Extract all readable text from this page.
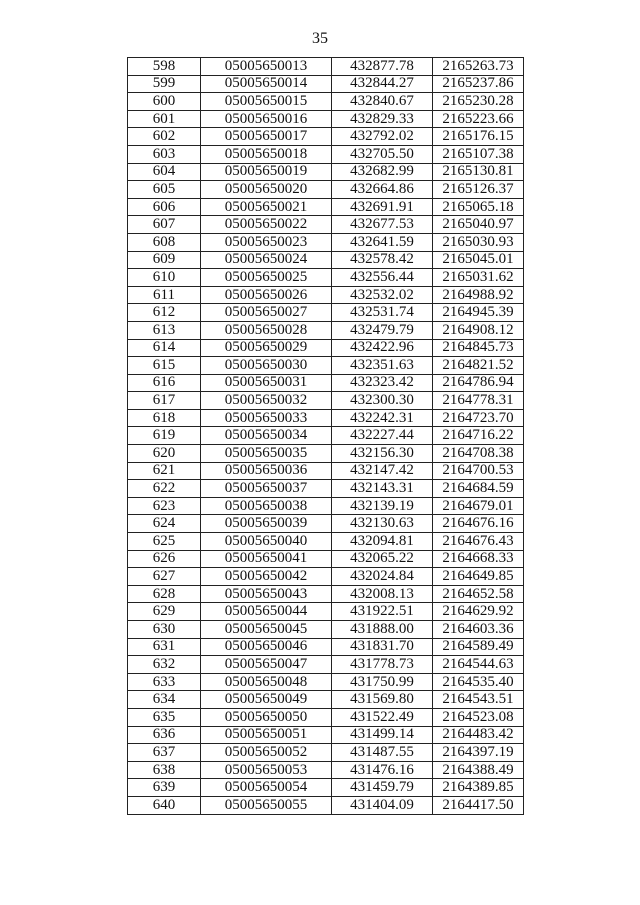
35
598	05005650013	432877.78	2165263.73
599	05005650014	432844.27	2165237.86
600	05005650015	432840.67	2165230.28
601	05005650016	432829.33	2165223.66
602	05005650017	432792.02	2165176.15
603	05005650018	432705.50	2165107.38
604	05005650019	432682.99	2165130.81
605	05005650020	432664.86	2165126.37
606	05005650021	432691.91	2165065.18
607	05005650022	432677.53	2165040.97
608	05005650023	432641.59	2165030.93
609	05005650024	432578.42	2165045.01
610	05005650025	432556.44	2165031.62
611	05005650026	432532.02	2164988.92
612	05005650027	432531.74	2164945.39
613	05005650028	432479.79	2164908.12
614	05005650029	432422.96	2164845.73
615	05005650030	432351.63	2164821.52
616	05005650031	432323.42	2164786.94
617	05005650032	432300.30	2164778.31
618	05005650033	432242.31	2164723.70
619	05005650034	432227.44	2164716.22
620	05005650035	432156.30	2164708.38
621	05005650036	432147.42	2164700.53
622	05005650037	432143.31	2164684.59
623	05005650038	432139.19	2164679.01
624	05005650039	432130.63	2164676.16
625	05005650040	432094.81	2164676.43
626	05005650041	432065.22	2164668.33
627	05005650042	432024.84	2164649.85
628	05005650043	432008.13	2164652.58
629	05005650044	431922.51	2164629.92
630	05005650045	431888.00	2164603.36
631	05005650046	431831.70	2164589.49
632	05005650047	431778.73	2164544.63
633	05005650048	431750.99	2164535.40
634	05005650049	431569.80	2164543.51
635	05005650050	431522.49	2164523.08
636	05005650051	431499.14	2164483.42
637	05005650052	431487.55	2164397.19
638	05005650053	431476.16	2164388.49
639	05005650054	431459.79	2164389.85
640	05005650055	431404.09	2164417.50
